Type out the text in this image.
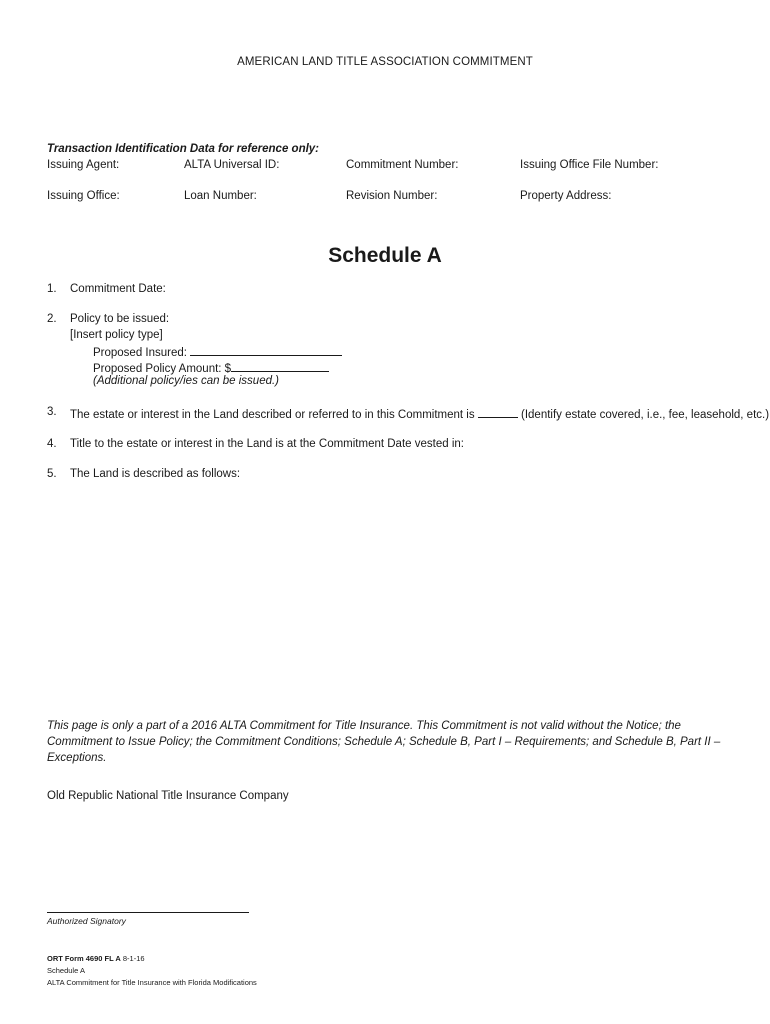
AMERICAN LAND TITLE ASSOCIATION COMMITMENT
Transaction Identification Data for reference only:
Issuing Agent:	ALTA Universal ID:	Commitment Number:	Issuing Office File Number:
Issuing Office:	Loan Number:	Revision Number:	Property Address:
Schedule A
1. Commitment Date:
2. Policy to be issued:
[Insert policy type]
Proposed Insured:
Proposed Policy Amount: $
(Additional policy/ies can be issued.)
3. The estate or interest in the Land described or referred to in this Commitment is	(Identify estate covered, i.e., fee, leasehold, etc.)
4. Title to the estate or interest in the Land is at the Commitment Date vested in:
5. The Land is described as follows:
This page is only a part of a 2016 ALTA Commitment for Title Insurance. This Commitment is not valid without the Notice; the Commitment to Issue Policy; the Commitment Conditions; Schedule A; Schedule B, Part I – Requirements; and Schedule B, Part II – Exceptions.
Old Republic National Title Insurance Company
Authorized Signatory
ORT Form 4690 FL A 8-1-16
Schedule A
ALTA Commitment for Title Insurance with Florida Modifications
